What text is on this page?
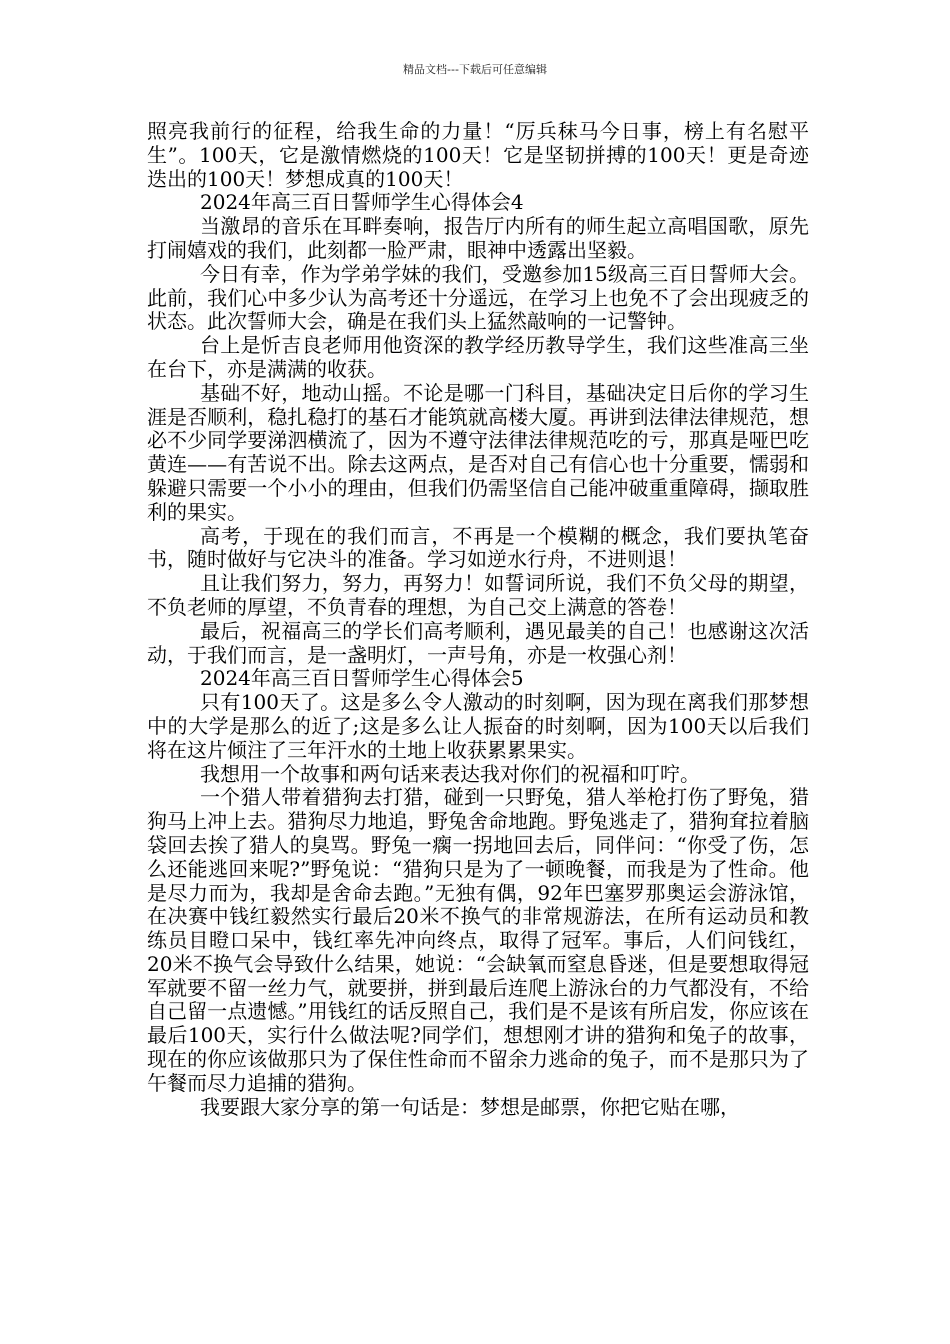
精品文档---下载后可任意编辑

照亮我前行的征程，给我生命的力量！“厉兵秣马今日事，榜上有名慰平生”。100天，它是激情燃烧的100天！它是坚韧拼搏的100天！更是奇迹迭出的100天！梦想成真的100天！

2024年高三百日誓师学生心得体会4

当激昂的音乐在耳畔奏响，报告厅内所有的师生起立高唱国歌，原先打闹嬉戏的我们，此刻都一脸严肃，眼神中透露出坚毅。

今日有幸，作为学弟学妹的我们，受邀参加15级高三百日誓师大会。此前，我们心中多少认为高考还十分遥远，在学习上也免不了会出现疲乏的状态。此次誓师大会，确是在我们头上猛然敲响的一记警钟。

台上是忻吉良老师用他资深的教学经历教导学生，我们这些准高三坐在台下，亦是满满的收获。

基础不好，地动山摇。不论是哪一门科目，基础决定日后你的学习生涯是否顺利，稳扎稳打的基石才能筑就高楼大厦。再讲到法律法律规范，想必不少同学要涕泗横流了，因为不遵守法律法律规范吃的亏，那真是哑巴吃黄连——有苦说不出。除去这两点，是否对自己有信心也十分重要，懦弱和躲避只需要一个小小的理由，但我们仍需坚信自己能冲破重重障碍，撷取胜利的果实。

高考，于现在的我们而言，不再是一个模糊的概念，我们要执笔奋书，随时做好与它决斗的准备。学习如逆水行舟，不进则退！

且让我们努力，努力，再努力！如誓词所说，我们不负父母的期望，不负老师的厚望，不负青春的理想，为自己交上满意的答卷！

最后，祝福高三的学长们高考顺利，遇见最美的自己！也感谢这次活动，于我们而言，是一盏明灯，一声号角，亦是一枚强心剂！

2024年高三百日誓师学生心得体会5

只有100天了。这是多么令人激动的时刻啊，因为现在离我们那梦想中的大学是那么的近了;这是多么让人振奋的时刻啊，因为100天以后我们将在这片倾注了三年汗水的土地上收获累累果实。

我想用一个故事和两句话来表达我对你们的祝福和叮咛。

一个猎人带着猎狗去打猎，碰到一只野兔，猎人举枪打伤了野兔，猎狗马上冲上去。猎狗尽力地追，野兔舍命地跑。野兔逃走了，猎狗耷拉着脑袋回去挨了猎人的臭骂。野兔一瘸一拐地回去后，同伴问：“你受了伤，怎么还能逃回来呢?”野兔说：“猎狗只是为了一顿晚餐，而我是为了性命。他是尽力而为，我却是舍命去跑。”无独有偶，92年巴塞罗那奥运会游泳馆，在决赛中钱红毅然实行最后20米不换气的非常规游法，在所有运动员和教练员目瞪口呆中，钱红率先冲向终点，取得了冠军。事后，人们问钱红，20米不换气会导致什么结果，她说：“会缺氧而窒息昏迷，但是要想取得冠军就要不留一丝力气，就要拼，拼到最后连爬上游泳台的力气都没有，不给自己留一点遗憾。”用钱红的话反照自己，我们是不是该有所启发，你应该在最后100天，实行什么做法呢?同学们，想想刚才讲的猎狗和兔子的故事，现在的你应该做那只为了保住性命而不留余力逃命的兔子，而不是那只为了午餐而尽力追捕的猎狗。

我要跟大家分享的第一句话是：梦想是邮票，你把它贴在哪，
